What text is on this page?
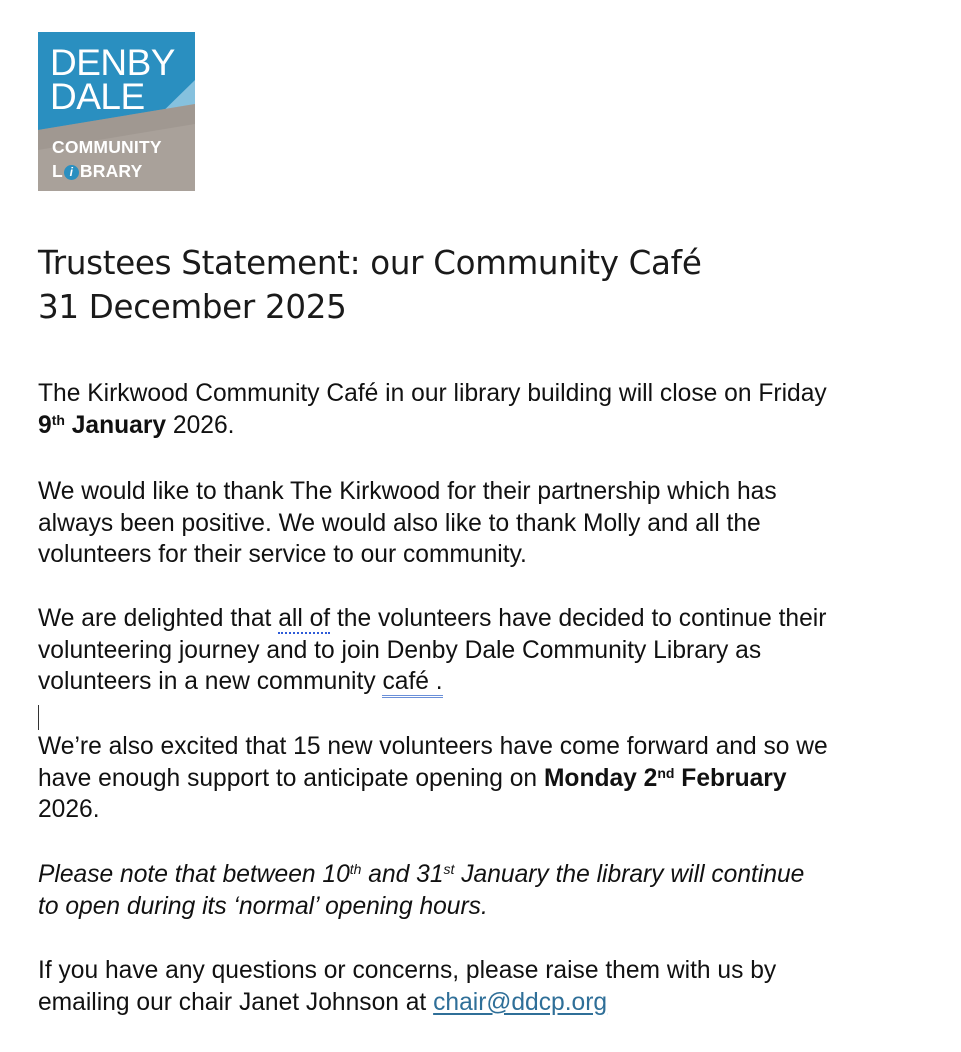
DENBY
DALE
COMMUNITY
L i BRARY
Trustees Statement: our Community Café
31 December 2025
The Kirkwood Community Café in our library building will close on Friday
9th January 2026.
We would like to thank The Kirkwood for their partnership which has
always been positive. We would also like to thank Molly and all the
volunteers for their service to our community.
We are delighted that all of the volunteers have decided to continue their
volunteering journey and to join Denby Dale Community Library as
volunteers in a new community café .
We’re also excited that 15 new volunteers have come forward and so we
have enough support to anticipate opening on Monday 2nd February
2026.
Please note that between 10th and 31st January the library will continue
to open during its ‘normal’ opening hours.
If you have any questions or concerns, please raise them with us by
emailing our chair Janet Johnson at chair@ddcp.org
